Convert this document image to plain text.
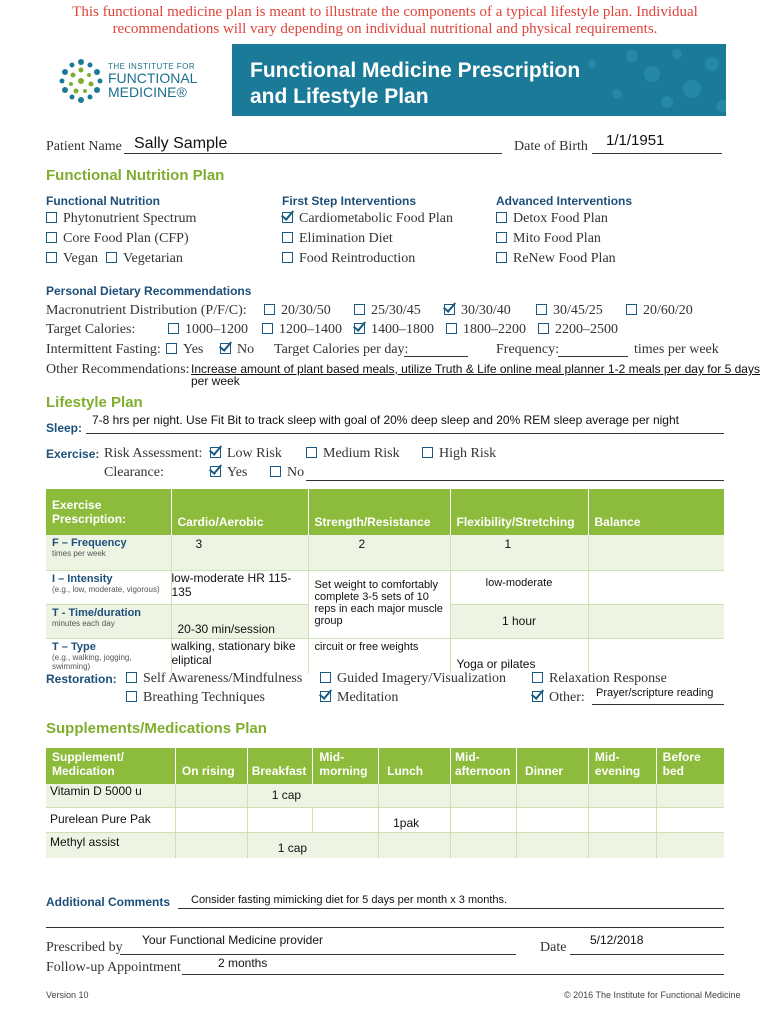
This functional medicine plan is meant to illustrate the components of a typical lifestyle plan. Individual
recommendations will vary depending on individual nutritional and physical requirements.
THE INSTITUTE FOR
FUNCTIONAL
MEDICINE®
Functional Medicine Prescription
and Lifestyle Plan
Patient Name Sally Sample	Date of Birth 1/1/1951
Functional Nutrition Plan
Functional Nutrition	First Step Interventions	Advanced Interventions
Phytonutrient Spectrum
Core Food Plan (CFP)
Vegan	Vegetarian
Cardiometabolic Food Plan
Elimination Diet
Food Reintroduction
Detox Food Plan
Mito Food Plan
ReNew Food Plan
Personal Dietary Recommendations
Macronutrient Distribution (P/F/C):	20/30/50	25/30/45	30/30/40	30/45/25	20/60/20
Target Calories:	1000–1200	1200–1400	1400–1800	1800–2200	2200–2500
Intermittent Fasting:	Yes	No Target Calories per day:	Frequency:	times per week
Other Recommendations: Increase amount of plant based meals, utilize Truth & Life online meal planner 1-2 meals per day for 5 days
per week
Lifestyle Plan
Sleep:
7-8 hrs per night. Use Fit Bit to track sleep with goal of 20% deep sleep and 20% REM sleep average per night
Exercise: Risk Assessment:	Low Risk	Medium Risk	High Risk
Clearance:	Yes	No
Exercise Prescription:	Cardio/Aerobic	Strength/Resistance	Flexibility/Stretching	Balance

F – Frequency
times per week	3	2	1	

I – Intensity
(e.g., low, moderate, vigorous)	low-moderate HR 115-135	Set weight to comfortably complete 3-5 sets of 10 reps in each major muscle group	low-moderate	

T - Time/duration
minutes each day	20-30 min/session		1 hour	

T – Type
(e.g., walking, jogging, swimming)	walking, stationary bike eliptical	circuit or free weights	Yoga or pilates	
Restoration:	Self Awareness/Mindfulness	Guided Imagery/Visualization	Relaxation Response
Breathing Techniques	Meditation	Other: Prayer/scripture reading
Supplements/Medications Plan
Supplement/ Medication	On rising	Breakfast	Mid-morning	Lunch	Mid-afternoon	Dinner	Mid-evening	Before bed
Vitamin D 5000 u		1 cap						
Purelean Pure Pak				1pak				
Methyl assist		1 cap						
Additional Comments Consider fasting mimicking diet for 5 days per month x 3 months.
Prescribed by Your Functional Medicine provider	Date 5/12/2018
Follow-up Appointment	2 months
Version 10	© 2016 The Institute for Functional Medicine
